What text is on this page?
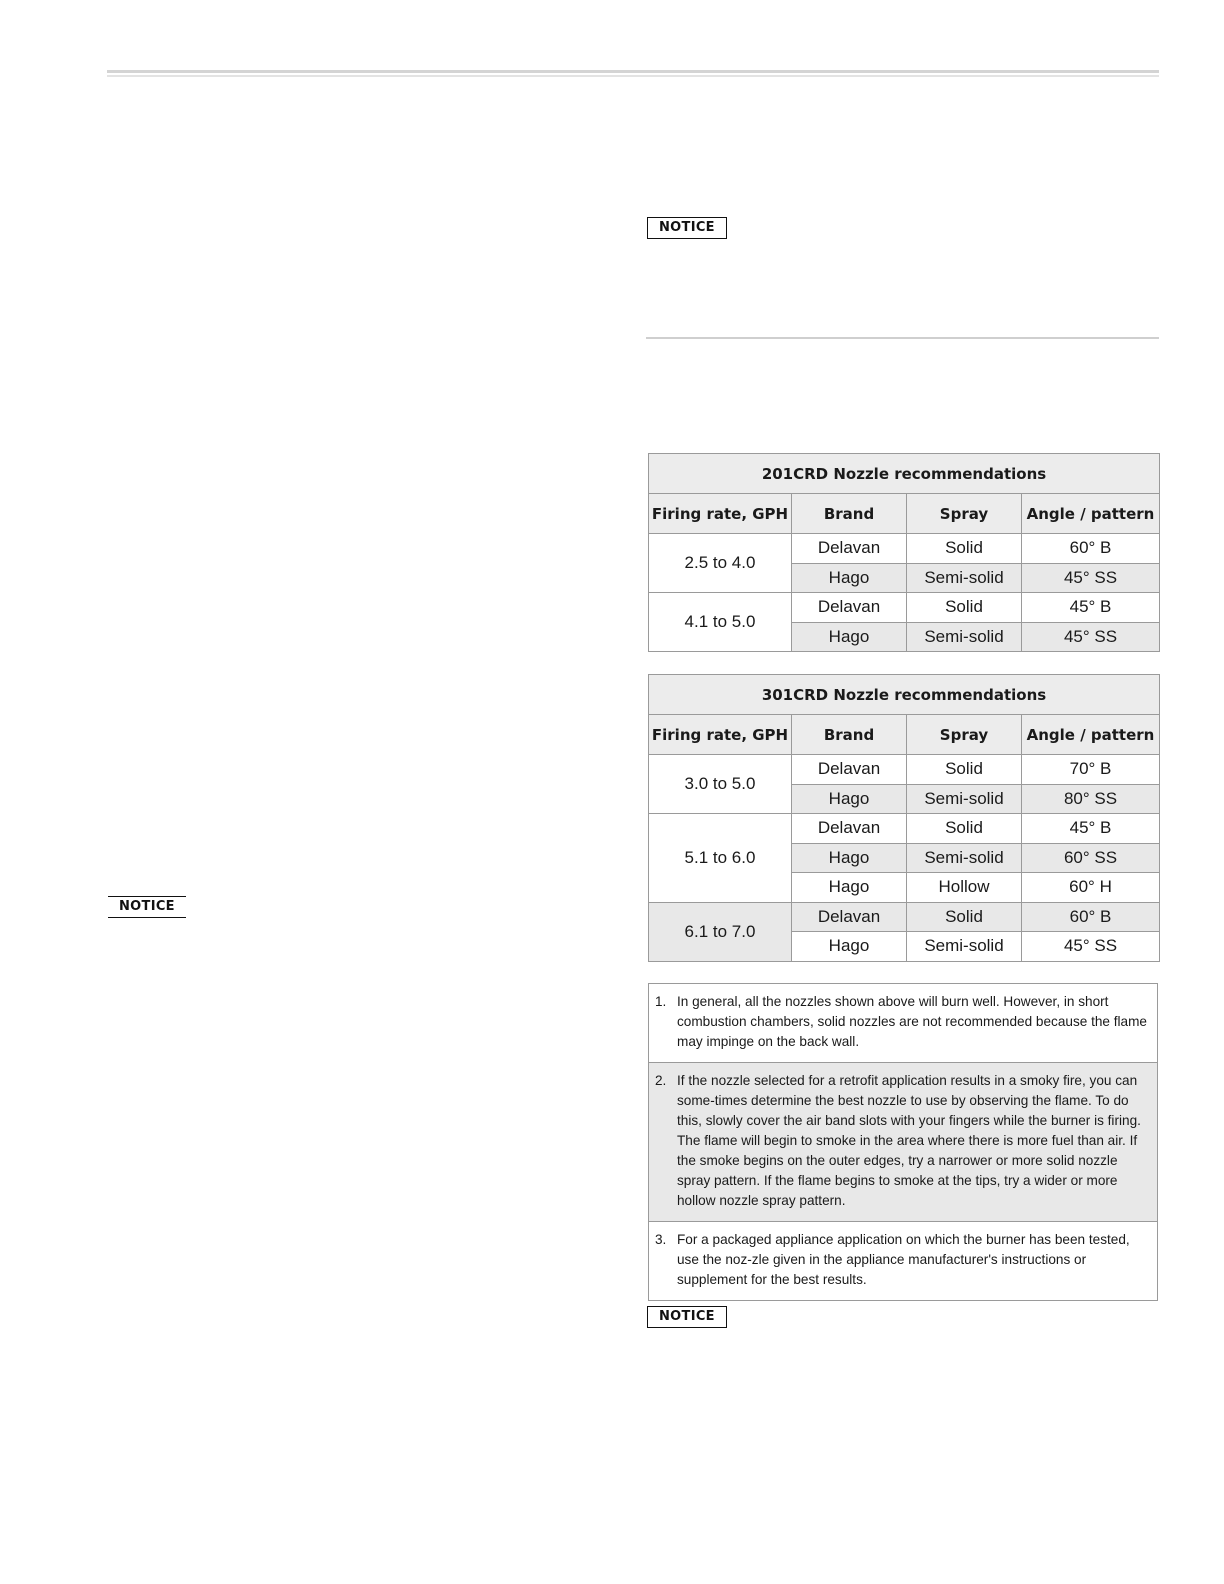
NOTICE
NOTICE
201CRD Nozzle recommendations			
Firing rate, GPH	Brand	Spray	Angle / pattern
2.5 to 4.0	Delavan	Solid	60° B
	Hago	Semi-solid	45° SS
4.1 to 5.0	Delavan	Solid	45° B
	Hago	Semi-solid	45° SS
301CRD Nozzle recommendations			
Firing rate, GPH	Brand	Spray	Angle / pattern
3.0 to 5.0	Delavan	Solid	70° B
	Hago	Semi-solid	80° SS
5.1 to 6.0	Delavan	Solid	45° B
	Hago	Semi-solid	60° SS
	Hago	Hollow	60° H
6.1 to 7.0	Delavan	Solid	60° B
	Hago	Semi-solid	45° SS
1. In general, all the nozzles shown above will burn well. However, in short combustion chambers, solid nozzles are not recommended because the flame may impinge on the back wall.
2. If the nozzle selected for a retrofit application results in a smoky fire, you can some-times determine the best nozzle to use by observing the flame. To do this, slowly cover the air band slots with your fingers while the burner is firing. The flame will begin to smoke in the area where there is more fuel than air. If the smoke begins on the outer edges, try a narrower or more solid nozzle spray pattern. If the flame begins to smoke at the tips, try a wider or more hollow nozzle spray pattern.
3. For a packaged appliance application on which the burner has been tested, use the noz-zle given in the appliance manufacturer's instructions or supplement for the best results.
NOTICE
